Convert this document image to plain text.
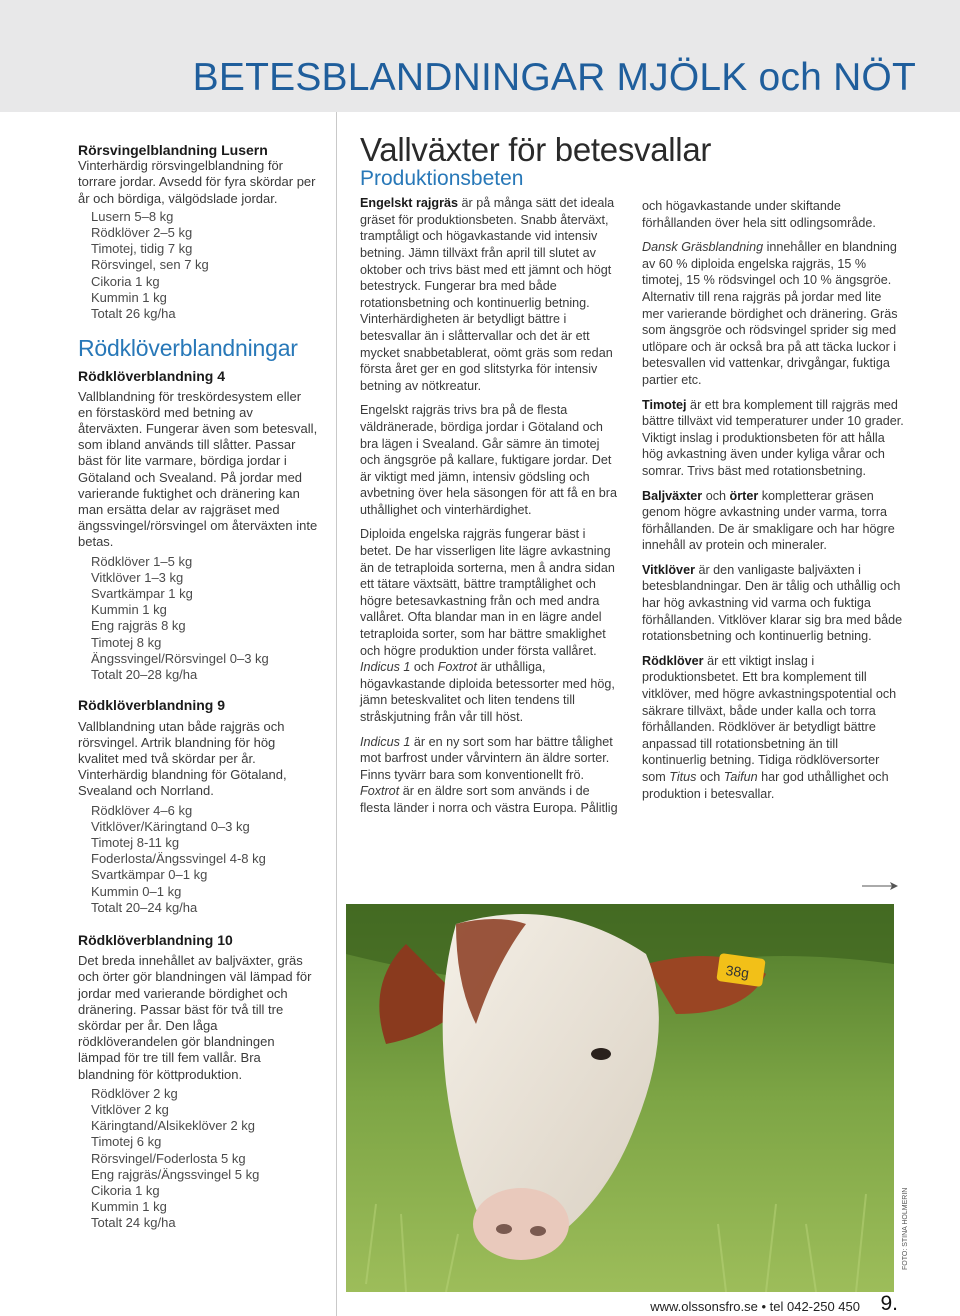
BETESBLANDNINGAR MJÖLK och NÖT
Rörsvingelblandning Lusern

Vinterhärdig rörsvingelblandning för torrare jordar. Avsedd för fyra skördar per år och bördiga, välgödslade jordar.

Lusern 5–8 kg
Rödklöver 2–5 kg
Timotej, tidig 7 kg
Rörsvingel, sen 7 kg
Cikoria 1 kg
Kummin 1 kg
Totalt 26 kg/ha
Rödklöverblandningar
Rödklöverblandning 4

Vallblandning för treskördesystem eller en förstaskörd med betning av återväxten. Fungerar även som betesvall, som ibland används till slåtter. Passar bäst för lite varmare, bördiga jordar i Götaland och Svealand. På jordar med varierande fuktighet och dränering kan man ersätta delar av rajgräset med ängssvingel/rörsvingel om återväxten inte betas.

Rödklöver 1–5 kg
Vitklöver 1–3 kg
Svartkämpar 1 kg
Kummin 1 kg
Eng rajgräs 8 kg
Timotej 8 kg
Ängssvingel/Rörsvingel 0–3 kg
Totalt 20–28 kg/ha
Rödklöverblandning 9

Vallblandning utan både rajgräs och rörsvingel. Artrik blandning för hög kvalitet med två skördar per år. Vinterhärdig blandning för Götaland, Svealand och Norrland.

Rödklöver 4–6 kg
Vitklöver/Käringtand 0–3 kg
Timotej 8-11 kg
Foderlosta/Ängssvingel 4-8 kg
Svartkämpar 0–1 kg
Kummin 0–1 kg
Totalt 20–24 kg/ha
Rödklöverblandning 10

Det breda innehållet av baljväxter, gräs och örter gör blandningen väl lämpad för jordar med varierande bördighet och dränering. Passar bäst för två till tre skördar per år. Den låga rödklöverandelen gör blandningen lämpad för tre till fem vallår. Bra blandning för köttproduktion.

Rödklöver 2 kg
Vitklöver 2 kg
Käringtand/Alsikeklöver 2 kg
Timotej 6 kg
Rörsvingel/Foderlosta 5 kg
Eng rajgräs/Ängssvingel 5 kg
Cikoria 1 kg
Kummin 1 kg
Totalt 24 kg/ha
Vallväxter för betesvallar
Produktionsbeten

Engelskt rajgräs är på många sätt det ideala gräset för produktionsbeten. Snabb återväxt, tramptåligt och högavkastande vid intensiv betning. Jämn tillväxt från april till slutet av oktober och trivs bäst med ett jämnt och högt betestryck. Fungerar bra med både rotationsbetning och kontinuerlig betning. Vinterhärdigheten är betydligt bättre i betesvallar än i slåttervallar och det är ett mycket snabbetablerat, oömt gräs som redan första året ger en god slitstyrka för intensiv betning av nötkreatur.

Engelskt rajgräs trivs bra på de flesta väldränerade, bördiga jordar i Götaland och bra lägen i Svealand. Går sämre än timotej och ängsgröe på kallare, fuktigare jordar. Det är viktigt med jämn, intensiv gödsling och avbetning över hela säsongen för att få en bra uthållighet och vinterhärdighet.

Diploida engelska rajgräs fungerar bäst i betet. De har visserligen lite lägre avkastning än de tetraploida sorterna, men å andra sidan ett tätare växtsätt, bättre tramptålighet och högre betesavkastning från och med andra vallåret. Ofta blandar man in en lägre andel tetraploida sorter, som har bättre smaklighet och högre produktion under första vallåret. Indicus 1 och Foxtrot är uthålliga, högavkastande diploida betessorter med hög, jämn beteskvalitet och liten tendens till stråskjutning från vår till höst.

Indicus 1 är en ny sort som har bättre tålighet mot barfrost under vårvintern än äldre sorter. Finns tyvärr bara som konventionellt frö. Foxtrot är en äldre sort som används i de flesta länder i norra och västra Europa. Pålitlig

och högavkastande under skiftande förhållanden över hela sitt odlingsområde.

Dansk Gräsblandning innehåller en blandning av 60 % diploida engelska rajgräs, 15 % timotej, 15 % rödsvingel och 10 % ängsgröe. Alternativ till rena rajgräs på jordar med lite mer varierande bördighet och dränering. Gräs som ängsgröe och rödsvingel sprider sig med utlöpare och är också bra på att täcka luckor i betesvallen vid vattenkar, drivgångar, fuktiga partier etc.

Timotej är ett bra komplement till rajgräs med bättre tillväxt vid temperaturer under 10 grader. Viktigt inslag i produktionsbeten för att hålla hög avkastning även under kyliga vårar och somrar. Trivs bäst med rotationsbetning.

Baljväxter och örter kompletterar gräsen genom högre avkastning under varma, torra förhållanden. De är smakligare och har högre innehåll av protein och mineraler.

Vitklöver är den vanligaste baljväxten i betesblandningar. Den är tålig och uthållig och har hög avkastning vid varma och fuktiga förhållanden. Vitklöver klarar sig bra med både rotationsbetning och kontinuerlig betning.

Rödklöver är ett viktigt inslag i produktionsbetet. Ett bra komplement till vitklöver, med högre avkastningspotential och säkrare tillväxt, både under kalla och torra förhållanden. Rödklöver är betydligt bättre anpassad till rotationsbetning än till kontinuerlig betning. Tidiga rödklöversorter som Titus och Taifun har god uthållighet och produktion i betesvallar.

38g
FOTO: STINA HOLMERIN
www.olssonsfro.se • tel 042-250 450 9.
